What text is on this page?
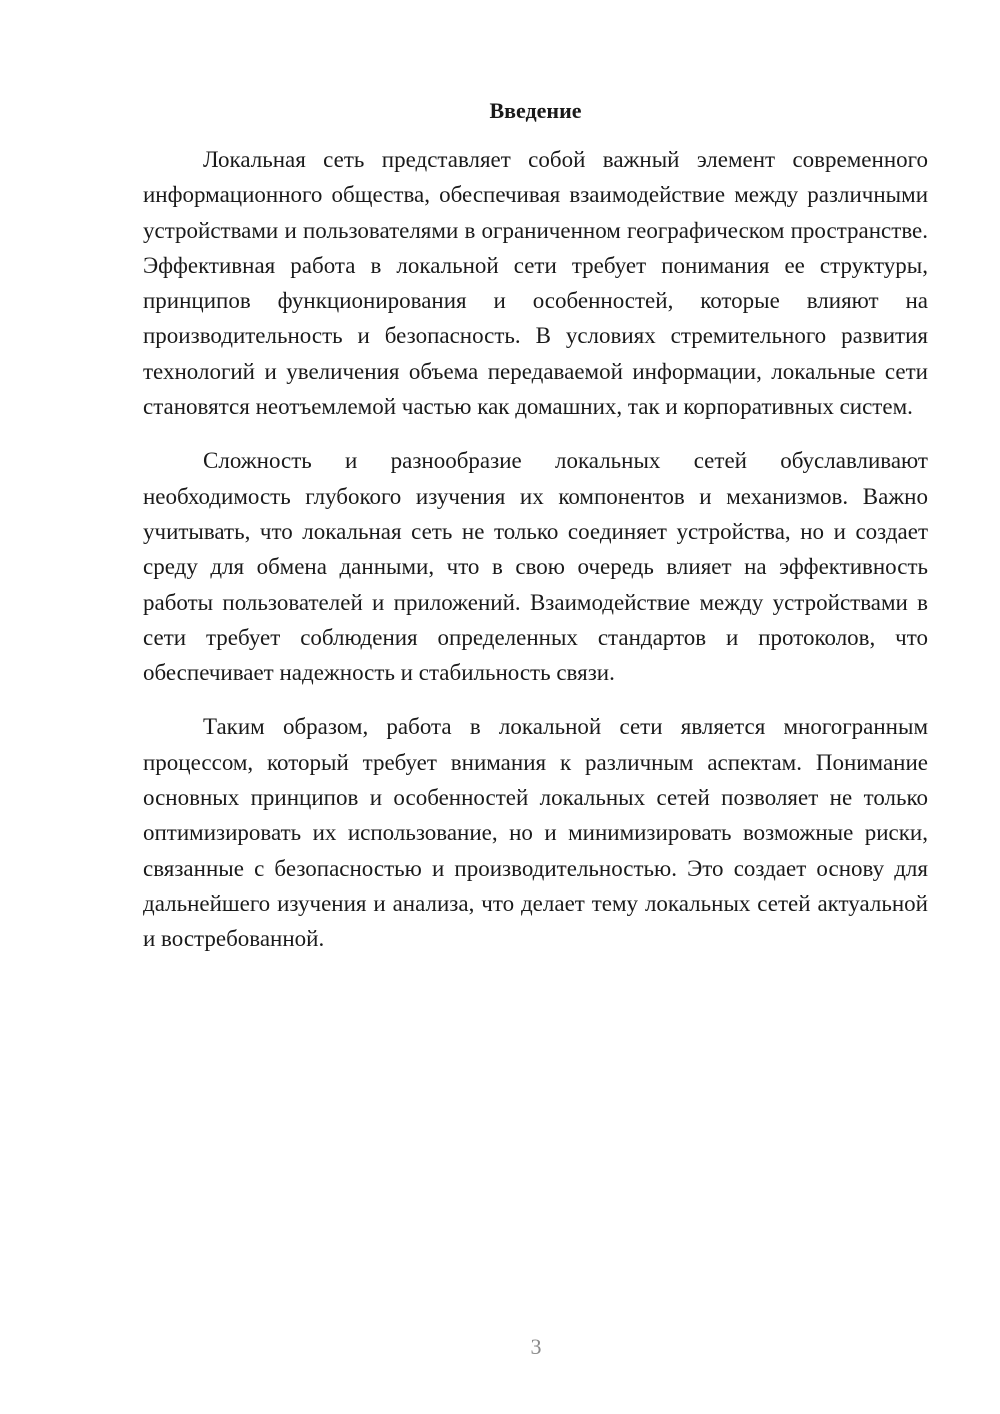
Введение

Локальная сеть представляет собой важный элемент современного информационного общества, обеспечивая взаимодействие между различными устройствами и пользователями в ограниченном географическом пространстве. Эффективная работа в локальной сети требует понимания ее структуры, принципов функционирования и особенностей, которые влияют на производительность и безопасность. В условиях стремительного развития технологий и увеличения объема передаваемой информации, локальные сети становятся неотъемлемой частью как домашних, так и корпоративных систем.

Сложность и разнообразие локальных сетей обуславливают необходимость глубокого изучения их компонентов и механизмов. Важно учитывать, что локальная сеть не только соединяет устройства, но и создает среду для обмена данными, что в свою очередь влияет на эффективность работы пользователей и приложений. Взаимодействие между устройствами в сети требует соблюдения определенных стандартов и протоколов, что обеспечивает надежность и стабильность связи.

Таким образом, работа в локальной сети является многогранным процессом, который требует внимания к различным аспектам. Понимание основных принципов и особенностей локальных сетей позволяет не только оптимизировать их использование, но и минимизировать возможные риски, связанные с безопасностью и производительностью. Это создает основу для дальнейшего изучения и анализа, что делает тему локальных сетей актуальной и востребованной.

3
